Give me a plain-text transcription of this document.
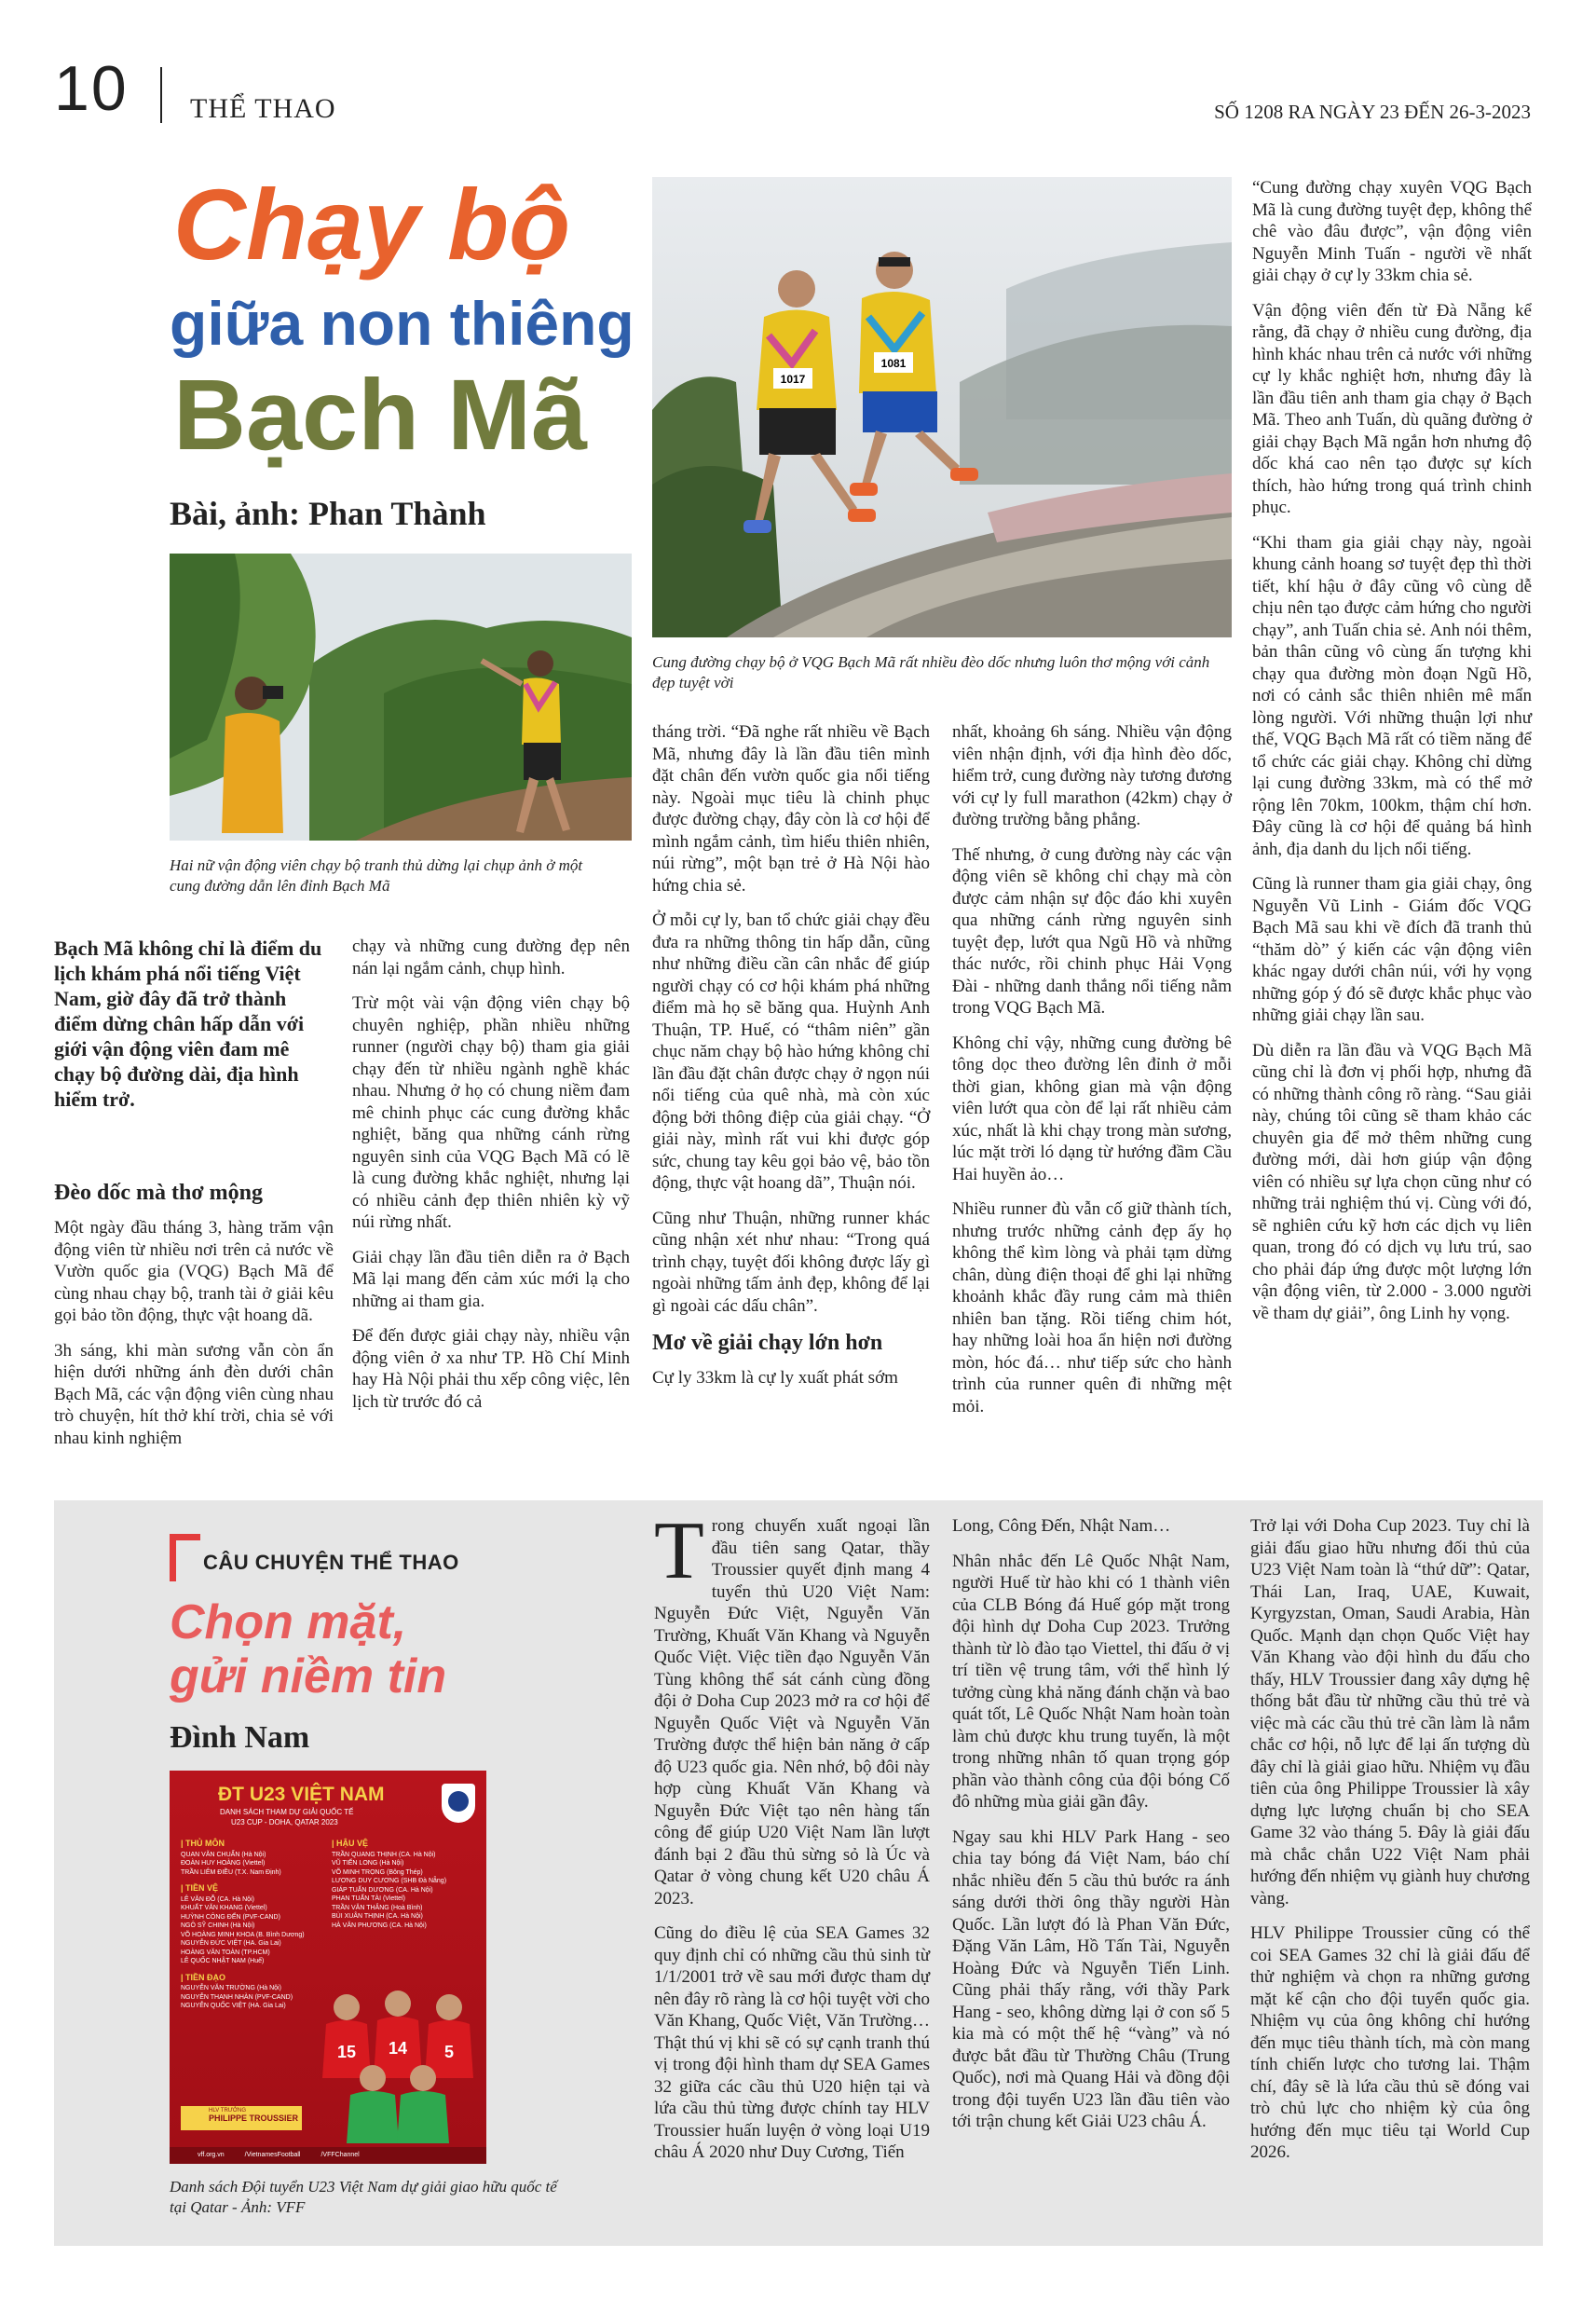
10 THỂ THAO	SỐ 1208 RA NGÀY 23 ĐẾN 26-3-2023
Chạy bộ
giữa non thiêng
Bạch Mã
Bài, ảnh: Phan Thành
1017
1081
Cung đường chạy bộ ở VQG Bạch Mã rất nhiều đèo dốc nhưng luôn thơ mộng với cảnh đẹp tuyệt vời
Hai nữ vận động viên chạy bộ tranh thủ dừng lại chụp ảnh ở một cung đường dẫn lên đỉnh Bạch Mã
Bạch Mã không chỉ là điểm du lịch khám phá nổi tiếng Việt Nam, giờ đây đã trở thành điểm dừng chân hấp dẫn với giới vận động viên đam mê chạy bộ đường dài, địa hình hiểm trở.
Đèo dốc mà thơ mộng

Một ngày đầu tháng 3, hàng trăm vận động viên từ nhiều nơi trên cả nước về Vườn quốc gia (VQG) Bạch Mã để cùng nhau chạy bộ, tranh tài ở giải kêu gọi bảo tồn động, thực vật hoang dã.

3h sáng, khi màn sương vẫn còn ẩn hiện dưới những ánh đèn dưới chân Bạch Mã, các vận động viên cùng nhau trò chuyện, hít thở khí trời, chia sẻ với nhau kinh nghiệm

chạy và những cung đường đẹp nên nán lại ngắm cảnh, chụp hình.

Trừ một vài vận động viên chạy bộ chuyên nghiệp, phần nhiều những runner (người chạy bộ) tham gia giải chạy đến từ nhiều ngành nghề khác nhau. Nhưng ở họ có chung niềm đam mê chinh phục các cung đường khắc nghiệt, băng qua những cánh rừng nguyên sinh của VQG Bạch Mã có lẽ là cung đường khắc nghiệt, nhưng lại có nhiều cảnh đẹp thiên nhiên kỳ vỹ núi rừng nhất.

Giải chạy lần đầu tiên diễn ra ở Bạch Mã lại mang đến cảm xúc mới lạ cho những ai tham gia.

Để đến được giải chạy này, nhiều vận động viên ở xa như TP. Hồ Chí Minh hay Hà Nội phải thu xếp công việc, lên lịch từ trước đó cả

tháng trời. “Đã nghe rất nhiều về Bạch Mã, nhưng đây là lần đầu tiên mình đặt chân đến vườn quốc gia nổi tiếng này. Ngoài mục tiêu là chinh phục được đường chạy, đây còn là cơ hội để mình ngắm cảnh, tìm hiểu thiên nhiên, núi rừng”, một bạn trẻ ở Hà Nội hào hứng chia sẻ.

Ở mỗi cự ly, ban tổ chức giải chạy đều đưa ra những thông tin hấp dẫn, cũng như những điều cần cân nhắc để giúp người chạy có cơ hội khám phá những điểm mà họ sẽ băng qua. Huỳnh Anh Thuận, TP. Huế, có “thâm niên” gần chục năm chạy bộ hào hứng không chỉ lần đầu đặt chân được chạy ở ngọn núi nổi tiếng của quê nhà, mà còn xúc động bởi thông điệp của giải chạy. “Ở giải này, mình rất vui khi được góp sức, chung tay kêu gọi bảo vệ, bảo tồn động, thực vật hoang dã”, Thuận nói.

Cũng như Thuận, những runner khác cũng nhận xét như nhau: “Trong quá trình chạy, tuyệt đối không được lấy gì ngoài những tấm ảnh đẹp, không để lại gì ngoài các dấu chân”.

Mơ về giải chạy lớn hơn

Cự ly 33km là cự ly xuất phát sớm

nhất, khoảng 6h sáng. Nhiều vận động viên nhận định, với địa hình đèo dốc, hiểm trở, cung đường này tương đương với cự ly full marathon (42km) chạy ở đường trường bằng phẳng.

Thế nhưng, ở cung đường này các vận động viên sẽ không chỉ chạy mà còn được cảm nhận sự độc đáo khi xuyên qua những cánh rừng nguyên sinh tuyệt đẹp, lướt qua Ngũ Hồ và những thác nước, rồi chinh phục Hải Vọng Đài - những danh thắng nổi tiếng nằm trong VQG Bạch Mã.

Không chỉ vậy, những cung đường bê tông dọc theo đường lên đỉnh ở mỗi thời gian, không gian mà vận động viên lướt qua còn để lại rất nhiều cảm xúc, nhất là khi chạy trong màn sương, lúc mặt trời ló dạng từ hướng đầm Cầu Hai huyền ảo…

Nhiều runner đù vẫn cố giữ thành tích, nhưng trước những cảnh đẹp ấy họ không thể kìm lòng và phải tạm dừng chân, dùng điện thoại để ghi lại những khoảnh khắc đầy rung cảm mà thiên nhiên ban tặng. Rồi tiếng chim hót, hay những loài hoa ẩn hiện nơi đường mòn, hóc đá… như tiếp sức cho hành trình của runner quên đi những mệt mỏi.

“Cung đường chạy xuyên VQG Bạch Mã là cung đường tuyệt đẹp, không thể chê vào đâu được”, vận động viên Nguyễn Minh Tuấn - người về nhất giải chạy ở cự ly 33km chia sẻ.

Vận động viên đến từ Đà Nẵng kể rằng, đã chạy ở nhiều cung đường, địa hình khác nhau trên cả nước với những cự ly khắc nghiệt hơn, nhưng đây là lần đầu tiên anh tham gia chạy ở Bạch Mã. Theo anh Tuấn, dù quãng đường ở giải chạy Bạch Mã ngắn hơn nhưng độ dốc khá cao nên tạo được sự kích thích, hào hứng trong quá trình chinh phục.

“Khi tham gia giải chạy này, ngoài khung cảnh hoang sơ tuyệt đẹp thì thời tiết, khí hậu ở đây cũng vô cùng dễ chịu nên tạo được cảm hứng cho người chạy”, anh Tuấn chia sẻ. Anh nói thêm, bản thân cũng vô cùng ấn tượng khi chạy qua đường mòn đoạn Ngũ Hồ, nơi có cảnh sắc thiên nhiên mê mẩn lòng người. Với những thuận lợi như thế, VQG Bạch Mã rất có tiềm năng để tổ chức các giải chạy. Không chỉ dừng lại cung đường 33km, mà có thể mở rộng lên 70km, 100km, thậm chí hơn. Đây cũng là cơ hội để quảng bá hình ảnh, địa danh du lịch nổi tiếng.

Cũng là runner tham gia giải chạy, ông Nguyễn Vũ Linh - Giám đốc VQG Bạch Mã sau khi về đích đã tranh thủ “thăm dò” ý kiến các vận động viên khác ngay dưới chân núi, với hy vọng những góp ý đó sẽ được khắc phục vào những giải chạy lần sau.

Dù diễn ra lần đầu và VQG Bạch Mã cũng chỉ là đơn vị phối hợp, nhưng đã có những thành công rõ ràng. “Sau giải này, chúng tôi cũng sẽ tham khảo các chuyên gia để mở thêm những cung đường mới, dài hơn giúp vận động viên có nhiều sự lựa chọn cũng như có những trải nghiệm thú vị. Cùng với đó, sẽ nghiên cứu kỹ hơn các dịch vụ liên quan, trong đó có dịch vụ lưu trú, sao cho phải đáp ứng được một lượng lớn vận động viên, từ 2.000 - 3.000 người về tham dự giải”, ông Linh hy vọng.

CÂU CHUYỆN THỂ THAO
Chọn mặt,
gửi niềm tin
Đình Nam
ĐT U23 VIỆT NAM
DANH SÁCH THAM DỰ GIẢI QUỐC TẾ
U23 CUP - DOHA, QATAR 2023
| THỦ MÔN
QUAN VĂN CHUẨN (Hà Nội)
ĐOÀN HUY HOÀNG (Viettel)
TRẦN LIÊM ĐIỀU (T.X. Nam Định)
| TIỀN VỆ
LÊ VĂN ĐỖ (CA. Hà Nội)
KHUẤT VĂN KHANG (Viettel)
HUỲNH CÔNG ĐẾN (PVF-CAND)
NGÔ SỸ CHINH (Hà Nội)
VÕ HOÀNG MINH KHOA (B. Bình Dương)
NGUYỄN ĐỨC VIỆT (HA. Gia Lai)
HOÀNG VĂN TOÀN (TP.HCM)
LÊ QUỐC NHẬT NAM (Huế)
| TIỀN ĐẠO
NGUYỄN VĂN TRƯỜNG (Hà Nội)
NGUYỄN THANH NHÀN (PVF-CAND)
NGUYỄN QUỐC VIỆT (HA. Gia Lai)
| HẬU VỆ
TRẦN QUANG THỊNH (CA. Hà Nội)
VŨ TIẾN LONG (Hà Nội)
VÕ MINH TRỌNG (Bông Thép)
LƯƠNG DUY CƯƠNG (SHB Đà Nẵng)
GIÁP TUẤN DƯƠNG (CA. Hà Nội)
PHAN TUẤN TÀI (Viettel)
TRẦN VĂN THẮNG (Hoà Bình)
BÙI XUÂN THỊNH (CA. Hà Nội)
HÀ VĂN PHƯƠNG (CA. Hà Nội)
15 14 5
HLV TRƯỞNG
PHILIPPE TROUSSIER
vff.org.vn	/VietnamesFootball	/VFFChannel
Danh sách Đội tuyển U23 Việt Nam dự giải giao hữu quốc tế tại Qatar - Ảnh: VFF

Trong chuyến xuất ngoại lần đầu tiên sang Qatar, thầy Troussier quyết định mang 4 tuyển thủ U20 Việt Nam: Nguyễn Đức Việt, Nguyễn Văn Trường, Khuất Văn Khang và Nguyễn Quốc Việt. Việc tiền đạo Nguyễn Văn Tùng không thể sát cánh cùng đồng đội ở Doha Cup 2023 mở ra cơ hội để Nguyễn Quốc Việt và Nguyễn Văn Trường được thể hiện bản năng ở cấp độ U23 quốc gia. Nên nhớ, bộ đôi này hợp cùng Khuất Văn Khang và Nguyễn Đức Việt tạo nên hàng tấn công để giúp U20 Việt Nam lần lượt đánh bại 2 đầu thủ sừng sỏ là Úc và Qatar ở vòng chung kết U20 châu Á 2023.

Cũng do điều lệ của SEA Games 32 quy định chỉ có những cầu thủ sinh từ 1/1/2001 trở về sau mới được tham dự nên đây rõ ràng là cơ hội tuyệt vời cho Văn Khang, Quốc Việt, Văn Trường… Thật thú vị khi sẽ có sự cạnh tranh thú vị trong đội hình tham dự SEA Games 32 giữa các cầu thủ U20 hiện tại và lứa cầu thủ từng được chính tay HLV Troussier huấn luyện ở vòng loại U19 châu Á 2020 như Duy Cương, Tiến

Long, Công Đến, Nhật Nam…

Nhân nhắc đến Lê Quốc Nhật Nam, người Huế từ hào khi có 1 thành viên của CLB Bóng đá Huế góp mặt trong đội hình dự Doha Cup 2023. Trưởng thành từ lò đào tạo Viettel, thi đấu ở vị trí tiền vệ trung tâm, với thể hình lý tưởng cùng khả năng đánh chặn và bao quát tốt, Lê Quốc Nhật Nam hoàn toàn làm chủ được khu trung tuyến, là một trong những nhân tố quan trọng góp phần vào thành công của đội bóng Cố đô những mùa giải gần đây.

Ngay sau khi HLV Park Hang - seo chia tay bóng đá Việt Nam, báo chí nhắc nhiều đến 5 cầu thủ bước ra ánh sáng dưới thời ông thầy người Hàn Quốc. Lần lượt đó là Phan Văn Đức, Đặng Văn Lâm, Hồ Tấn Tài, Nguyễn Hoàng Đức và Nguyễn Tiến Linh. Cũng phải thấy rằng, với thầy Park Hang - seo, không dừng lại ở con số 5 kia mà có một thế hệ “vàng” và nó được bắt đầu từ Thường Châu (Trung Quốc), nơi mà Quang Hải và đồng đội trong đội tuyển U23 lần đầu tiên vào tới trận chung kết Giải U23 châu Á.

Trở lại với Doha Cup 2023. Tuy chỉ là giải đấu giao hữu nhưng đối thủ của U23 Việt Nam toàn là “thứ dữ”: Qatar, Thái Lan, Iraq, UAE, Kuwait, Kyrgyzstan, Oman, Saudi Arabia, Hàn Quốc. Mạnh dạn chọn Quốc Việt hay Văn Khang vào đội hình du đấu cho thấy, HLV Troussier đang xây dựng hệ thống bắt đầu từ những cầu thủ trẻ và việc mà các cầu thủ trẻ cần làm là nắm chắc cơ hội, nỗ lực để lại ấn tượng dù đây chỉ là giải giao hữu. Nhiệm vụ đầu tiên của ông Philippe Troussier là xây dựng lực lượng chuẩn bị cho SEA Game 32 vào tháng 5. Đây là giải đấu mà chắc chắn U22 Việt Nam phải hướng đến nhiệm vụ giành huy chương vàng.

HLV Philippe Troussier cũng có thể coi SEA Games 32 chỉ là giải đấu để thử nghiệm và chọn ra những gương mặt kế cận cho đội tuyển quốc gia. Nhiệm vụ của ông không chỉ hướng đến mục tiêu thành tích, mà còn mang tính chiến lược cho tương lai. Thậm chí, đây sẽ là lứa cầu thủ sẽ đóng vai trò chủ lực cho nhiệm kỳ của ông hướng đến mục tiêu tại World Cup 2026.
